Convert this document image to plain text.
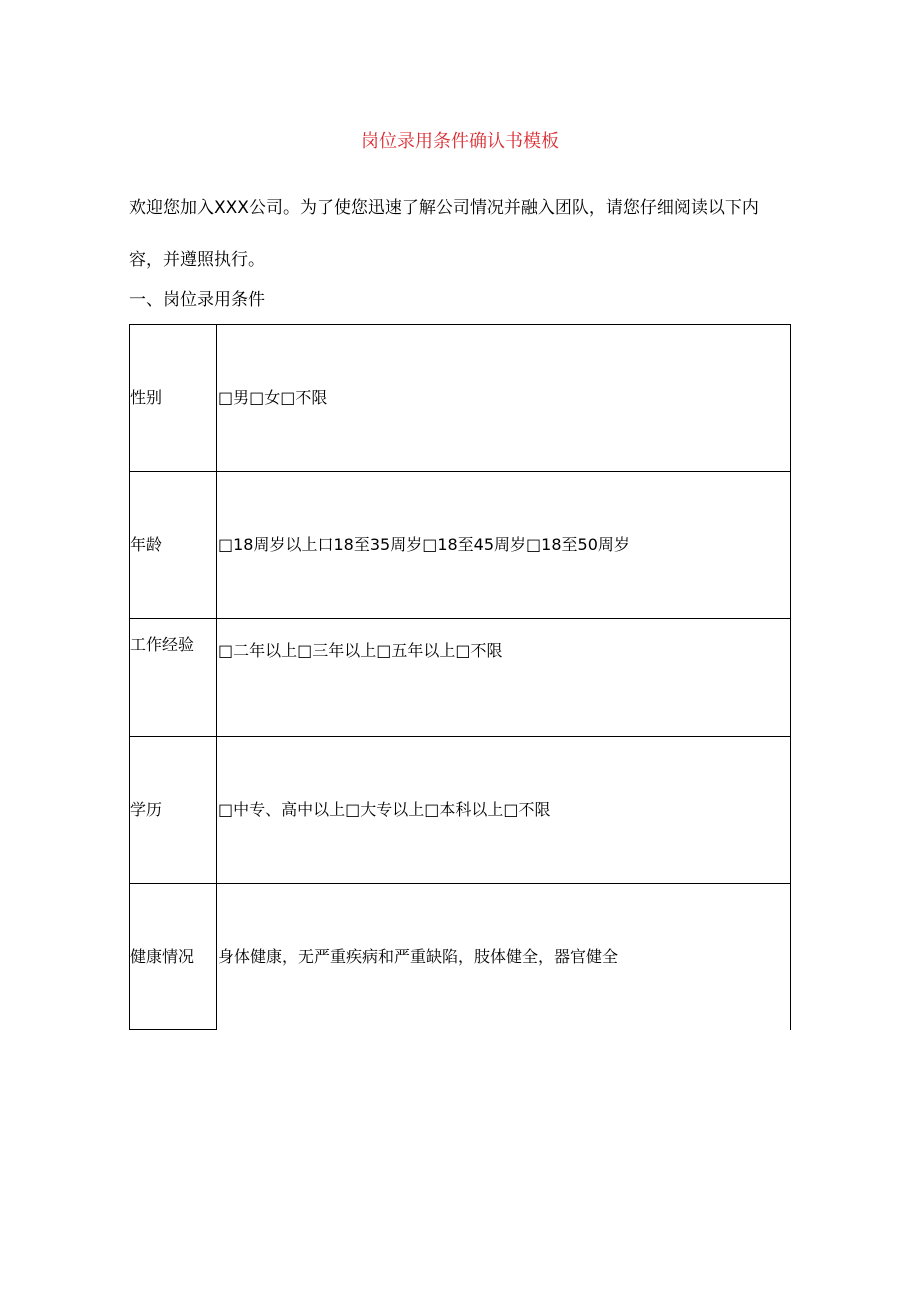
岗位录用条件确认书模板

欢迎您加入XXX公司。为了使您迅速了解公司情况并融入团队，请您仔细阅读以下内容，并遵照执行。

一、岗位录用条件

性别	□男□女□不限
年龄	□18周岁以上口18至35周岁□18至45周岁□18至50周岁
工作经验	□二年以上□三年以上□五年以上□不限
学历	□中专、高中以上□大专以上□本科以上□不限
健康情况	身体健康，无严重疾病和严重缺陷，肢体健全，器官健全
